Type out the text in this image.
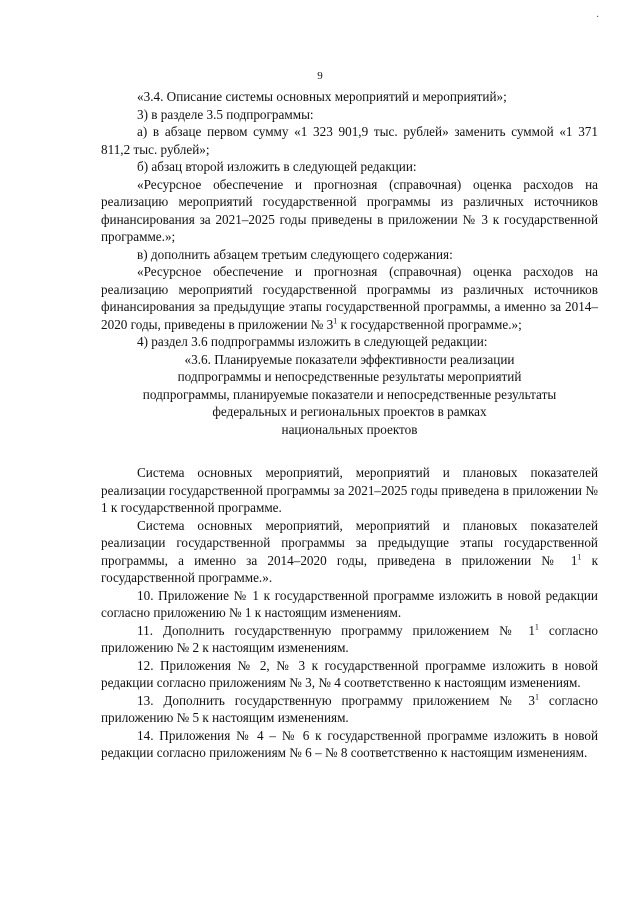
·
9

«3.4. Описание системы основных мероприятий и мероприятий»;

3) в разделе 3.5 подпрограммы:

а) в абзаце первом сумму «1 323 901,9 тыс. рублей» заменить суммой «1 371 811,2 тыс. рублей»;

б) абзац второй изложить в следующей редакции:

«Ресурсное обеспечение и прогнозная (справочная) оценка расходов на реализацию мероприятий государственной программы из различных источников финансирования за 2021–2025 годы приведены в приложении № 3 к государственной программе.»;

в) дополнить абзацем третьим следующего содержания:

«Ресурсное обеспечение и прогнозная (справочная) оценка расходов на реализацию мероприятий государственной программы из различных источников финансирования за предыдущие этапы государственной программы, а именно за 2014–2020 годы, приведены в приложении № $3^1$ к государственной программе.»;

4) раздел 3.6 подпрограммы изложить в следующей редакции:

«3.6. Планируемые показатели эффективности реализации

подпрограммы и непосредственные результаты мероприятий

подпрограммы, планируемые показатели и непосредственные результаты

федеральных и региональных проектов в рамках

национальных проектов

Система основных мероприятий, мероприятий и плановых показателей реализации государственной программы за 2021–2025 годы приведена в приложении № 1 к государственной программе.

Система основных мероприятий, мероприятий и плановых показателей реализации государственной программы за предыдущие этапы государственной программы, а именно за 2014–2020 годы, приведена в приложении № $1^1$ к государственной программе.».

10. Приложение № 1 к государственной программе изложить в новой редакции согласно приложению № 1 к настоящим изменениям.

11. Дополнить государственную программу приложением № $1^1$ согласно приложению № 2 к настоящим изменениям.

12. Приложения № 2, № 3 к государственной программе изложить в новой редакции согласно приложениям № 3, № 4 соответственно к настоящим изменениям.

13. Дополнить государственную программу приложением № $3^1$ согласно приложению № 5 к настоящим изменениям.

14. Приложения № 4 – № 6 к государственной программе изложить в новой редакции согласно приложениям № 6 – № 8 соответственно к настоящим изменениям.
